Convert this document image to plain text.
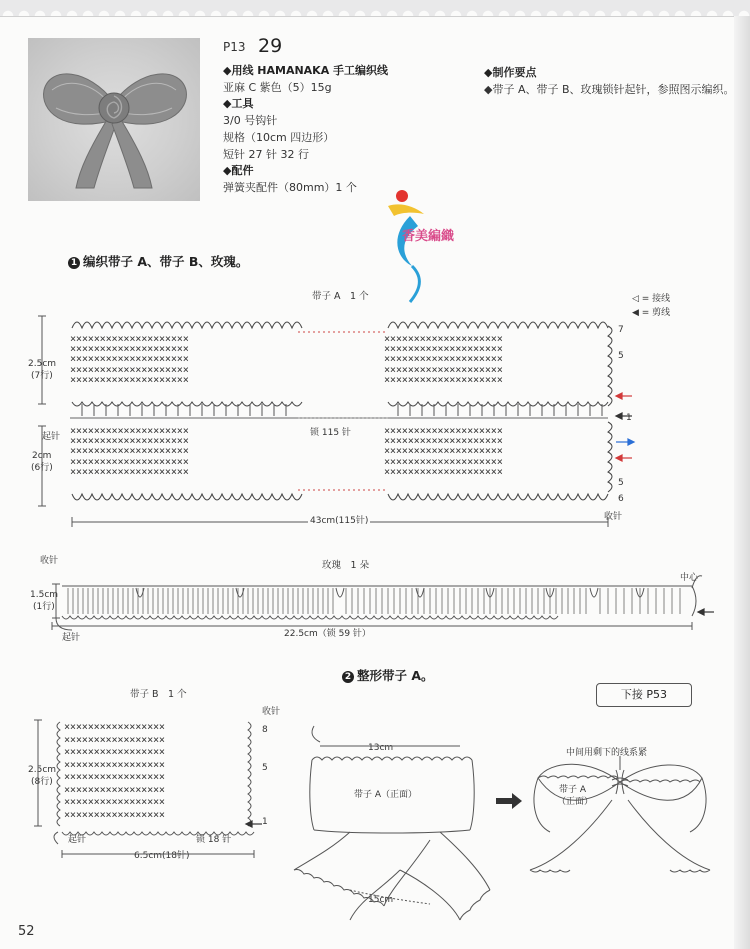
P13 29
◆用线 HAMANAKA 手工编织线
亚麻 C 紫色（5）15g
◆工具
3/0 号钩针
规格（10cm 四边形）
短针 27 针 32 行
◆配件
弹簧夹配件（80mm）1 个
◆制作要点
◆带子 A、带子 B、玫瑰锁针起针，参照图示编织。
香美編織
1 编织带子 A、带子 B、玫瑰。
带子 A　1 个	◁ = 接线
◀ = 剪线
××××××××××××××××××××
××××××××××××××××××××
××××××××××××××××××××
××××××××××××××××××××
××××××××××××××××××××
××××××××××××××××××××
××××××××××××××××××××
××××××××××××××××××××
××××××××××××××××××××
××××××××××××××××××××
××××××××××××××××××××
××××××××××××××××××××
××××××××××××××××××××
××××××××××××××××××××
××××××××××××××××××××
××××××××××××××××××××
××××××××××××××××××××
××××××××××××××××××××
××××××××××××××××××××
××××××××××××××××××××
2.5cm
(7行)
起针
2cm
(6行)
锁 115 针
43cm(115针)	收针
7
5
1
5
6
收针	玫瑰　1 朵
中心
1.5cm
(1行)
起针	22.5cm（锁 59 针）
2 整形带子 A。
下接 P53
带子 B　1 个
收针
2.5cm
(8行)
起针	锁 18 针
6.5cm(18针)
8
5
1
×××××××××××××××××
×××××××××××××××××
×××××××××××××××××
×××××××××××××××××
×××××××××××××××××
×××××××××××××××××
×××××××××××××××××
×××××××××××××××××
13cm
带子 A（正面）
15cm
中间用剩下的线系紧
带子 A
（正面）
52
